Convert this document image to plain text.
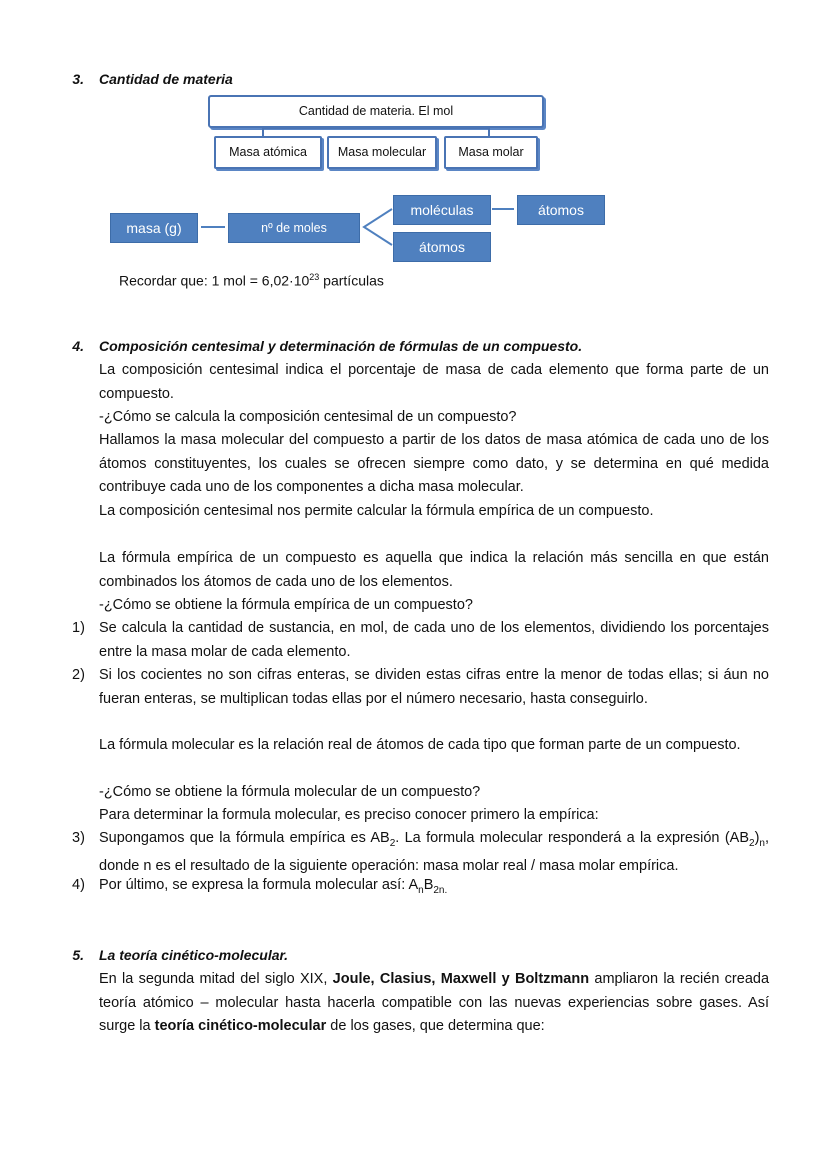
3. Cantidad de materia
Cantidad de materia. El mol
Masa atómica	Masa molecular	Masa molar
masa (g)	nº de moles
moléculas	átomos
átomos
Recordar que: 1 mol = $6,02\cdot 10^{23}$ partículas
4. Composición centesimal y determinación de fórmulas de un compuesto.
La composición centesimal indica el porcentaje de masa de cada elemento que forma parte de un compuesto.
-¿Cómo se calcula la composición centesimal de un compuesto?
Hallamos la masa molecular del compuesto a partir de los datos de masa atómica de cada uno de los átomos constituyentes, los cuales se ofrecen siempre como dato, y se determina en qué medida contribuye cada uno de los componentes a dicha masa molecular.
La composición centesimal nos permite calcular la fórmula empírica de un compuesto.
La fórmula empírica de un compuesto es aquella que indica la relación más sencilla en que están combinados los átomos de cada uno de los elementos.
-¿Cómo se obtiene la fórmula empírica de un compuesto?
1) Se calcula la cantidad de sustancia, en mol, de cada uno de los elementos, dividiendo los porcentajes entre la masa molar de cada elemento.
2) Si los cocientes no son cifras enteras, se dividen estas cifras entre la menor de todas ellas; si áun no fueran enteras, se multiplican todas ellas por el número necesario, hasta conseguirlo.
La fórmula molecular es la relación real de átomos de cada tipo que forman parte de un compuesto.
-¿Cómo se obtiene la fórmula molecular de un compuesto?
Para determinar la formula molecular, es preciso conocer primero la empírica:
3) Supongamos que la fórmula empírica es $AB_2$. La formula molecular responderá a la expresión $(AB_2)_n$, donde n es el resultado de la siguiente operación: masa molar real / masa molar empírica.
4) Por último, se expresa la formula molecular así: $A_nB_{2n.}$
5. La teoría cinético-molecular.
En la segunda mitad del siglo XIX, Joule, Clasius, Maxwell y Boltzmann ampliaron la recién creada teoría atómico – molecular hasta hacerla compatible con las nuevas experiencias sobre gases. Así surge la teoría cinético-molecular de los gases, que determina que:
